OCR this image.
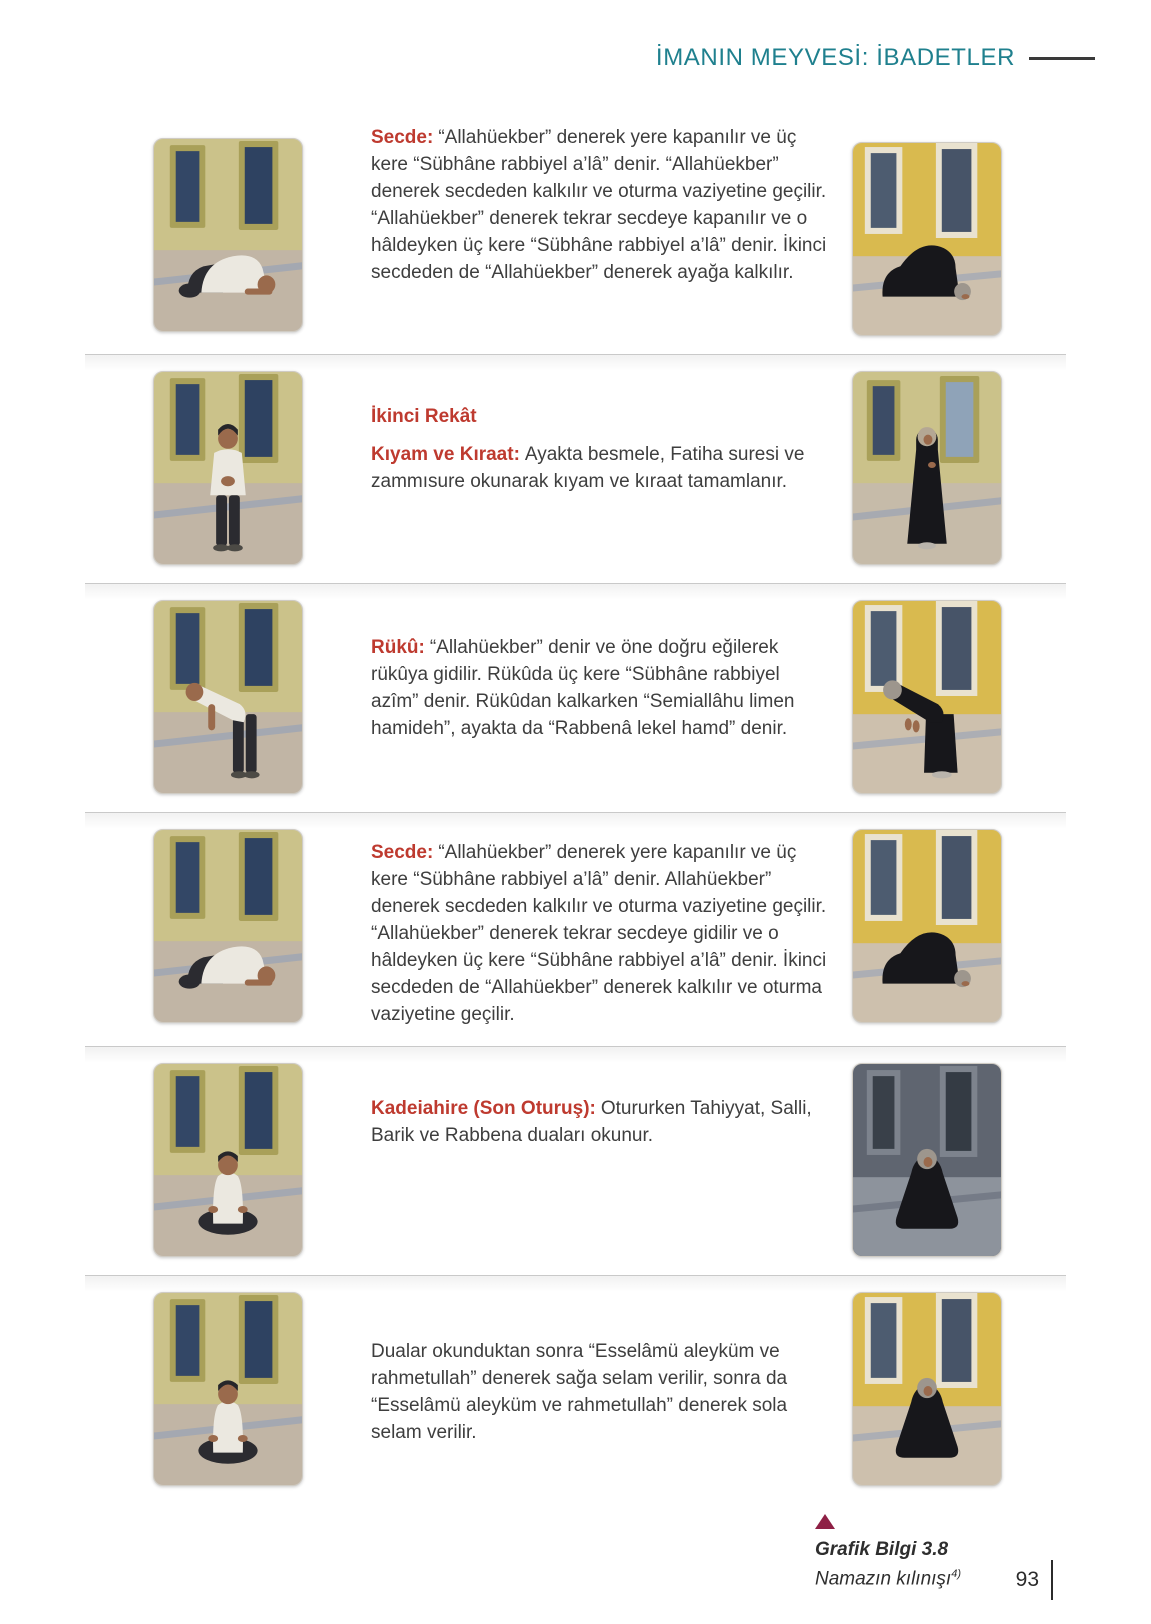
İMANIN MEYVESİ: İBADETLER

Secde: “Allahüekber” denerek yere kapanılır ve üç kere “Sübhâne rabbiyel a’lâ” denir. “Allahüekber” denerek secdeden kalkılır ve oturma vaziyetine geçilir. “Allahüekber” denerek tekrar secdeye kapanılır ve o hâldeyken üç kere “Sübhâne rabbiyel a’lâ” denir. İkinci secdeden de “Allahüekber” denerek ayağa kalkılır.

İkinci Rekât

Kıyam ve Kıraat: Ayakta besmele, Fatiha suresi ve zammısure okunarak kıyam ve kıraat tamamlanır.

Rükû: “Allahüekber” denir ve öne doğru eğilerek rükûya gidilir. Rükûda üç kere “Sübhâne rabbiyel azîm” denir. Rükûdan kalkarken “Semiallâhu limen hamideh”, ayakta da “Rabbenâ lekel hamd” denir.

Secde: “Allahüekber” denerek yere kapanılır ve üç kere “Sübhâne rabbiyel a’lâ” denir. Allahüekber” denerek secdeden kalkılır ve oturma vaziyetine geçilir. “Allahüekber” denerek tekrar secdeye gidilir ve o hâldeyken üç kere “Sübhâne rabbiyel a’lâ” denir. İkinci secdeden de “Allahüekber” denerek kalkılır ve oturma vaziyetine geçilir.

Kadeiahire (Son Oturuş): Otururken Tahiyyat, Salli, Barik ve Rabbena duaları okunur.

Dualar okunduktan sonra “Esselâmü aleyküm ve rahmetullah” denerek sağa selam verilir, sonra da “Esselâmü aleyküm ve rahmetullah” denerek sola selam verilir.

Grafik Bilgi 3.8
Namazın kılınışı$^{4)}$	93
